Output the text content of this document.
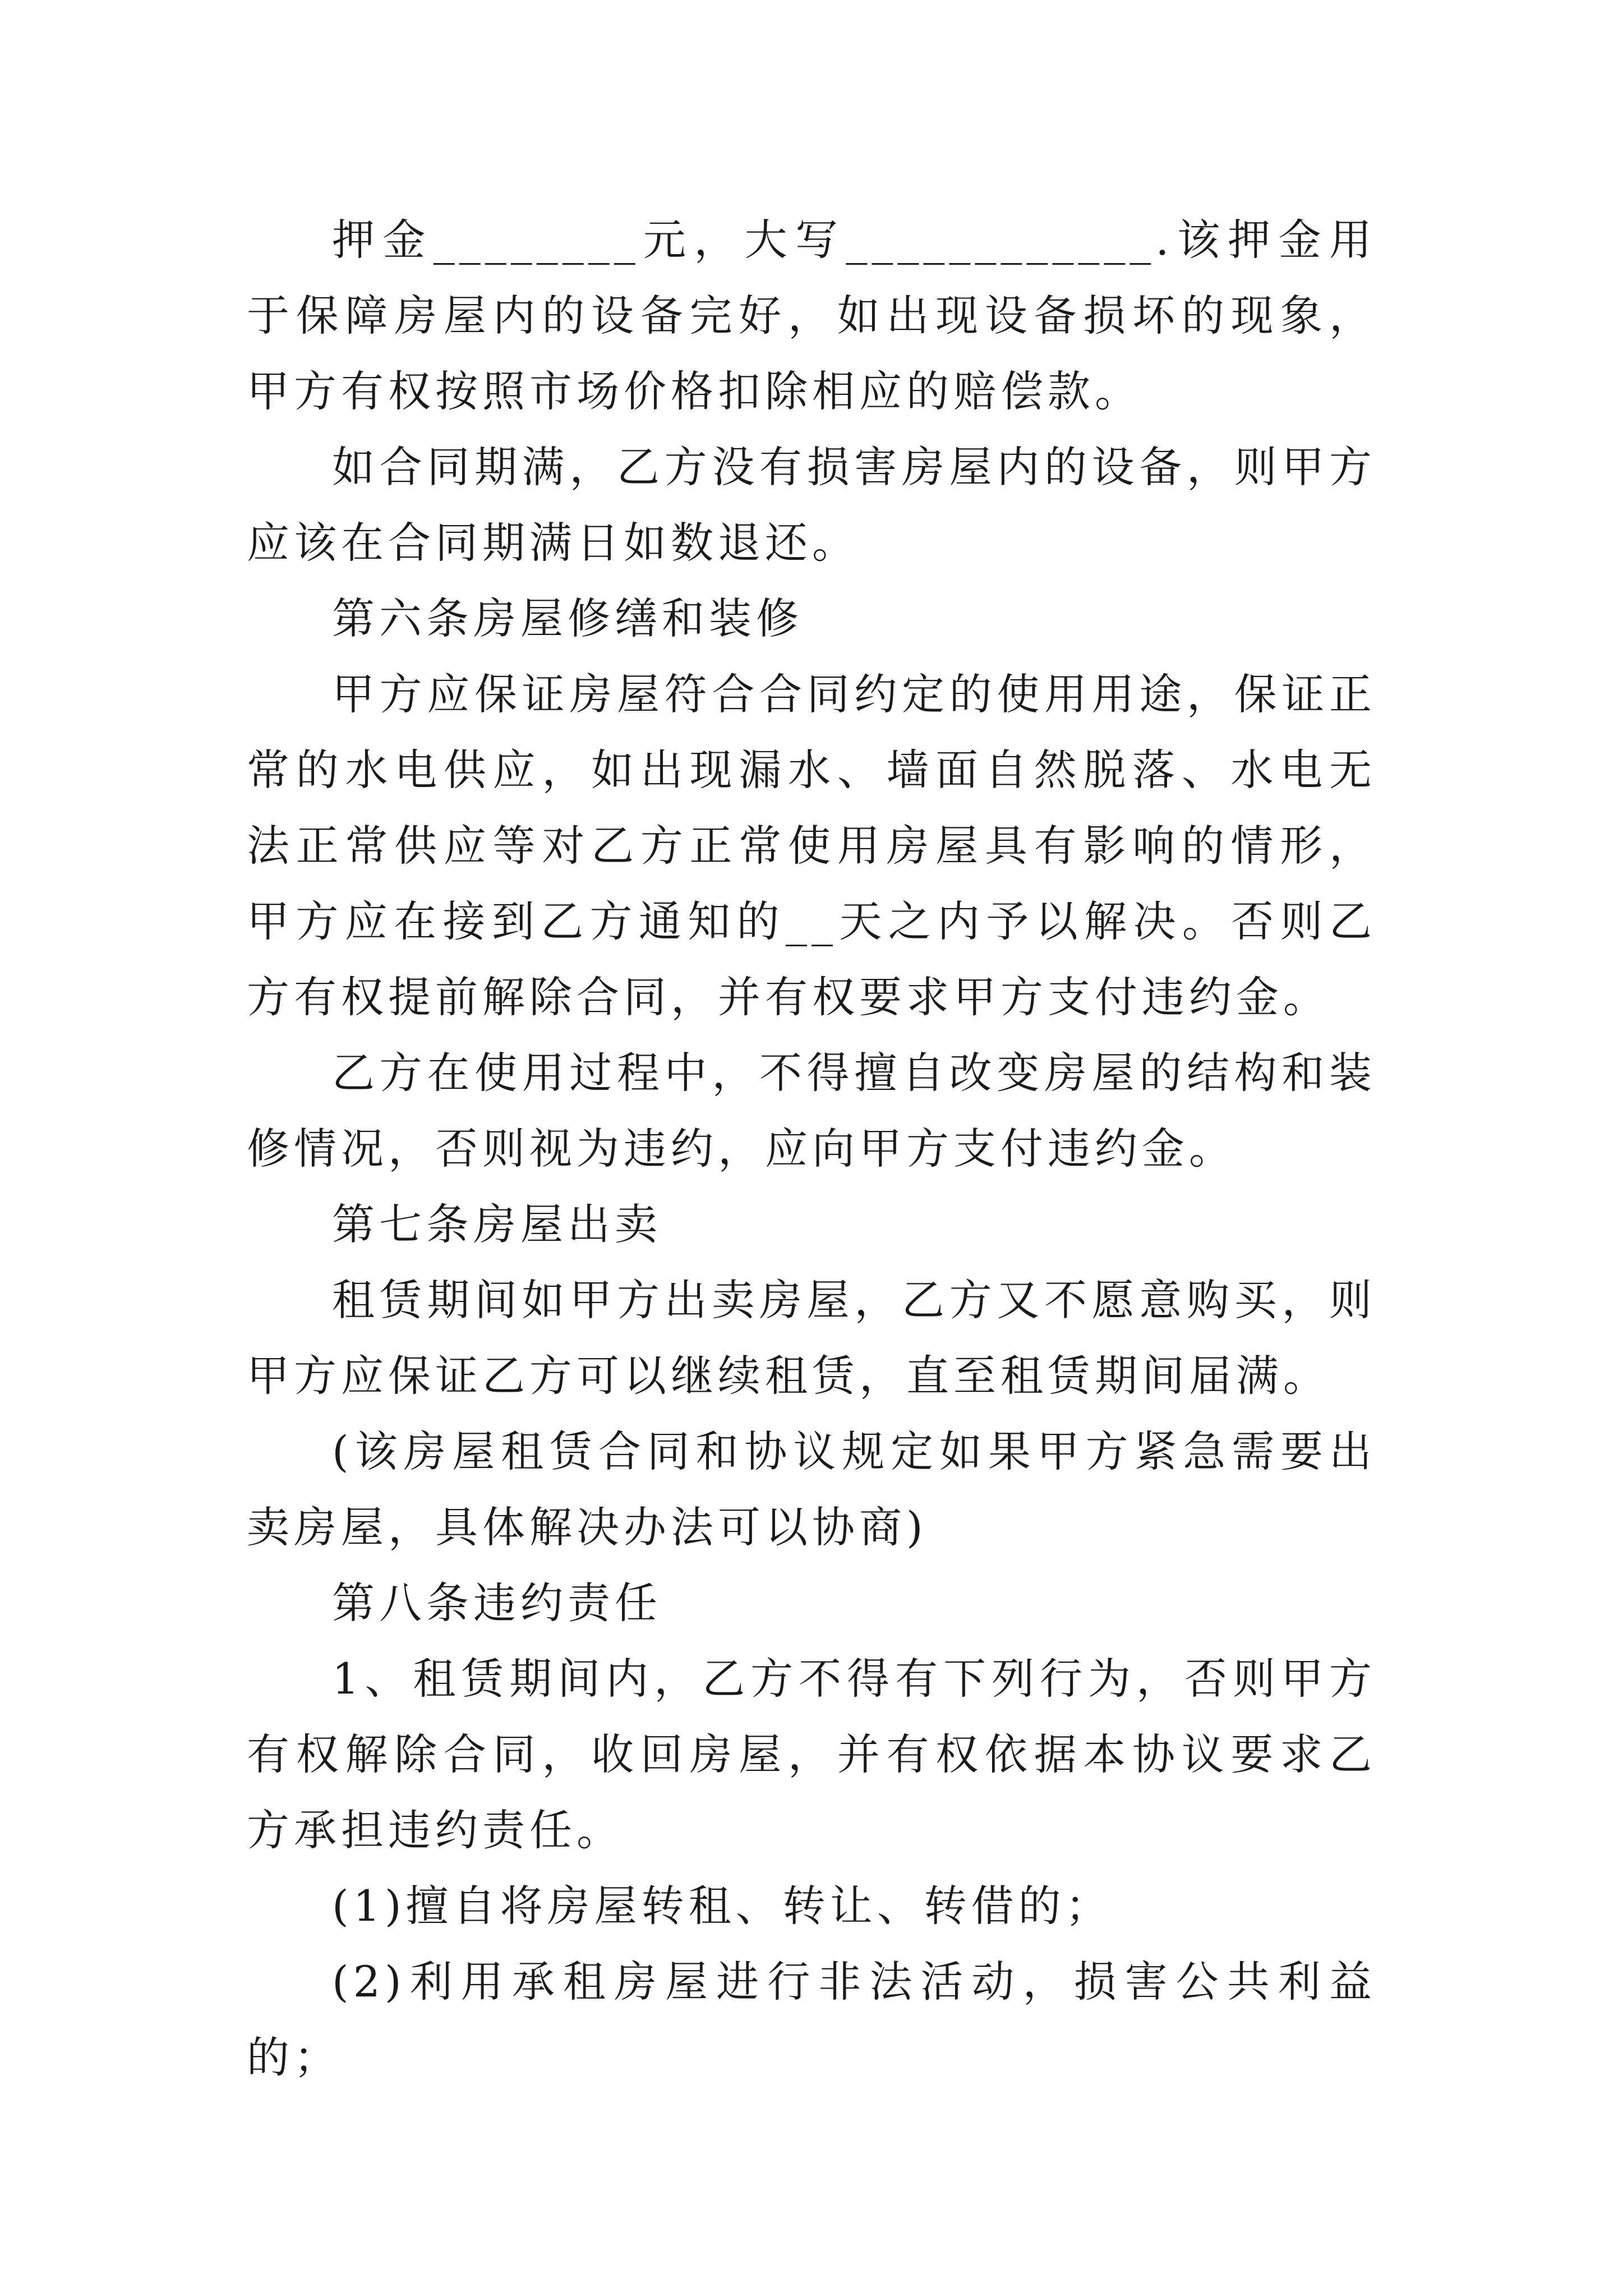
押金________元，大写____________.该押金用于保障房屋内的设备完好，如出现设备损坏的现象，甲方有权按照市场价格扣除相应的赔偿款。

如合同期满，乙方没有损害房屋内的设备，则甲方应该在合同期满日如数退还。

第六条房屋修缮和装修

甲方应保证房屋符合合同约定的使用用途，保证正常的水电供应，如出现漏水、墙面自然脱落、水电无法正常供应等对乙方正常使用房屋具有影响的情形，甲方应在接到乙方通知的__天之内予以解决。否则乙方有权提前解除合同，并有权要求甲方支付违约金。

乙方在使用过程中，不得擅自改变房屋的结构和装修情况，否则视为违约，应向甲方支付违约金。

第七条房屋出卖

租赁期间如甲方出卖房屋，乙方又不愿意购买，则甲方应保证乙方可以继续租赁，直至租赁期间届满。

(该房屋租赁合同和协议规定如果甲方紧急需要出卖房屋，具体解决办法可以协商)

第八条违约责任

1、租赁期间内，乙方不得有下列行为，否则甲方有权解除合同，收回房屋，并有权依据本协议要求乙方承担违约责任。

(1)擅自将房屋转租、转让、转借的；

(2)利用承租房屋进行非法活动，损害公共利益的；
